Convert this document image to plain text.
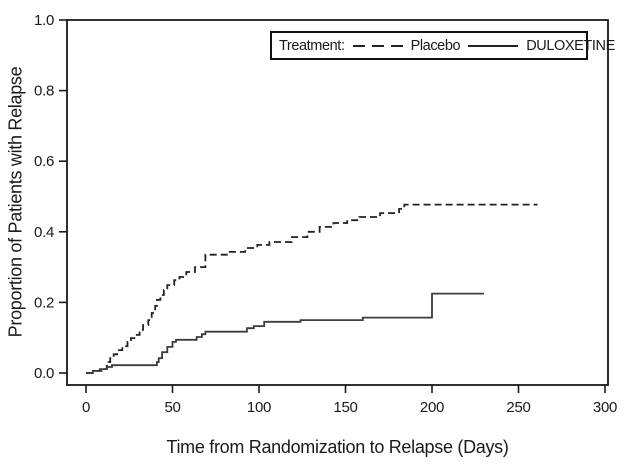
0	50	100	150	200	250	300
0.0
0.2
0.4
0.6
0.8
1.0
Treatment:	Placebo	DULOXETINE
Time from Randomization to Relapse (Days)
Proportion of Patients with Relapse
